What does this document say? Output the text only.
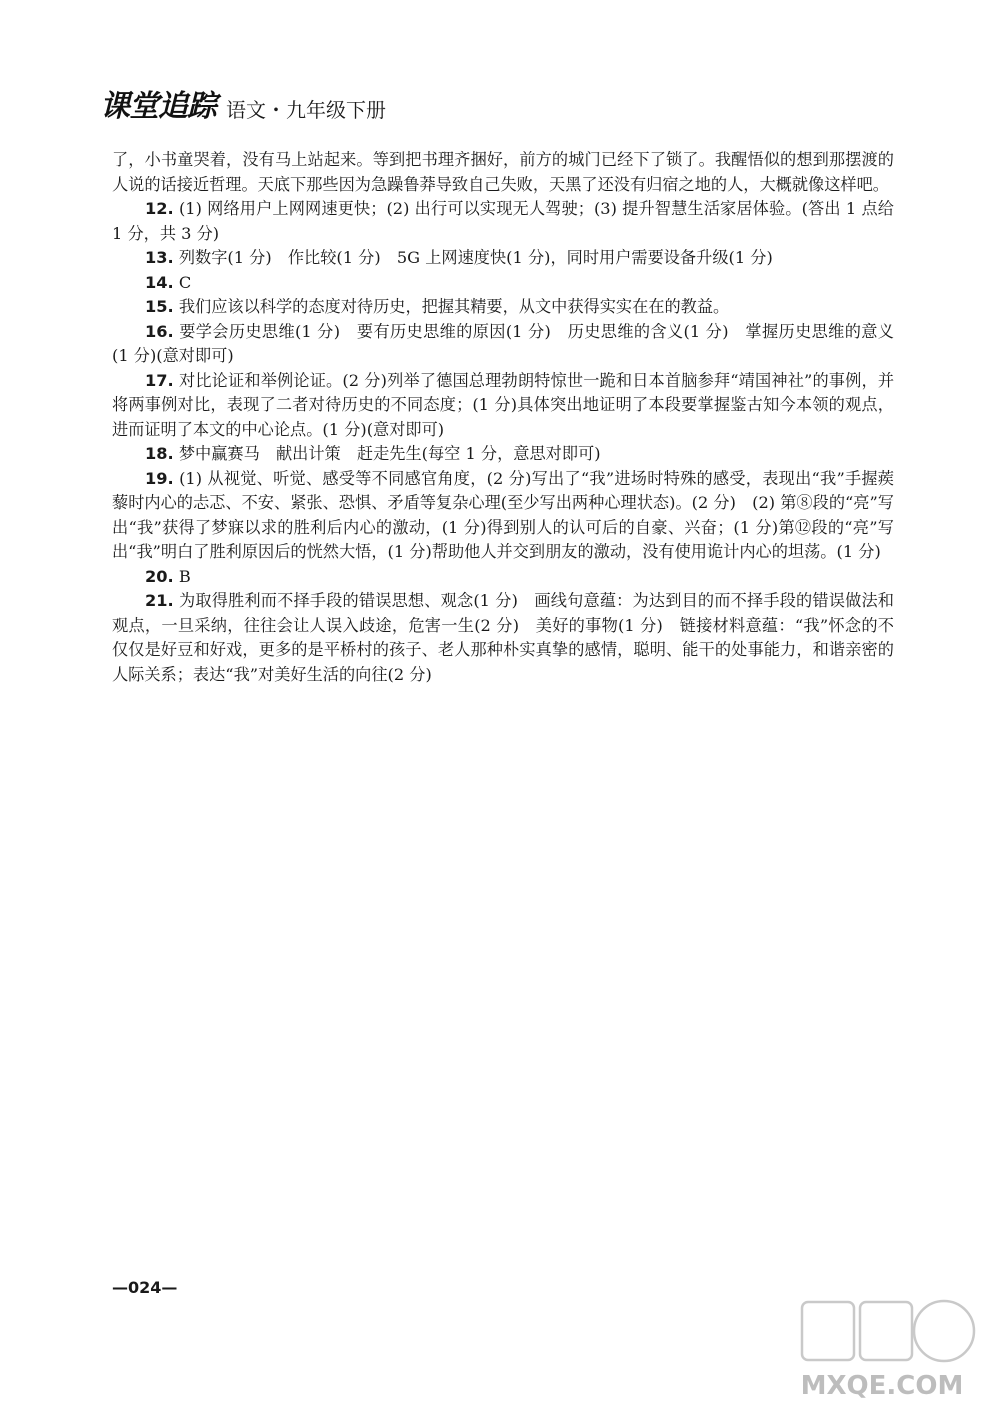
课堂追踪 语文・九年级下册

了，小书童哭着，没有马上站起来。等到把书理齐捆好，前方的城门已经下了锁了。我醒悟似的想到那摆渡的人说的话接近哲理。天底下那些因为急躁鲁莽导致自己失败，天黑了还没有归宿之地的人，大概就像这样吧。

12. (1) 网络用户上网网速更快；(2) 出行可以实现无人驾驶；(3) 提升智慧生活家居体验。(答出 1 点给 1 分，共 3 分)

13. 列数字(1 分)　作比较(1 分)　5G 上网速度快(1 分)，同时用户需要设备升级(1 分)

14. C

15. 我们应该以科学的态度对待历史，把握其精要，从文中获得实实在在的教益。

16. 要学会历史思维(1 分)　要有历史思维的原因(1 分)　历史思维的含义(1 分)　掌握历史思维的意义(1 分)(意对即可)

17. 对比论证和举例论证。(2 分)列举了德国总理勃朗特惊世一跪和日本首脑参拜“靖国神社”的事例，并将两事例对比，表现了二者对待历史的不同态度；(1 分)具体突出地证明了本段要掌握鉴古知今本领的观点，进而证明了本文的中心论点。(1 分)(意对即可)

18. 梦中赢赛马　献出计策　赶走先生(每空 1 分，意思对即可)

19. (1) 从视觉、听觉、感受等不同感官角度，(2 分)写出了“我”进场时特殊的感受，表现出“我”手握蒺藜时内心的忐忑、不安、紧张、恐惧、矛盾等复杂心理(至少写出两种心理状态)。(2 分)　(2) 第⑧段的“亮”写出“我”获得了梦寐以求的胜利后内心的激动，(1 分)得到别人的认可后的自豪、兴奋；(1 分)第⑫段的“亮”写出“我”明白了胜利原因后的恍然大悟，(1 分)帮助他人并交到朋友的激动，没有使用诡计内心的坦荡。(1 分)

20. B

21. 为取得胜利而不择手段的错误思想、观念(1 分)　画线句意蕴：为达到目的而不择手段的错误做法和观点，一旦采纳，往往会让人误入歧途，危害一生(2 分)　美好的事物(1 分)　链接材料意蕴：“我”怀念的不仅仅是好豆和好戏，更多的是平桥村的孩子、老人那种朴实真挚的感情，聪明、能干的处事能力，和谐亲密的人际关系；表达“我”对美好生活的向往(2 分)

—024—
MXQE.COM
